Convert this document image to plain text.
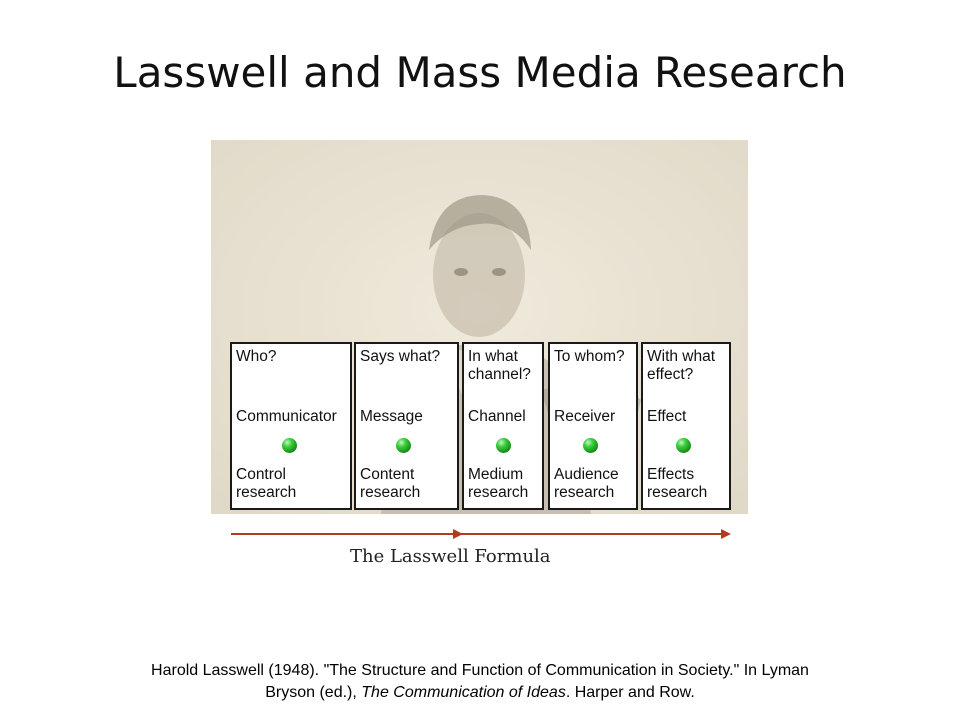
Lasswell and Mass Media Research
Who?
Communicator
Control research
Says what?
Message
Content research
In what channel?
Channel
Medium research
To whom?
Receiver
Audience research
With what effect?
Effect
Effects research
The Lasswell Formula
Harold Lasswell (1948). "The Structure and Function of Communication in Society." In Lyman
Bryson (ed.), The Communication of Ideas. Harper and Row.
